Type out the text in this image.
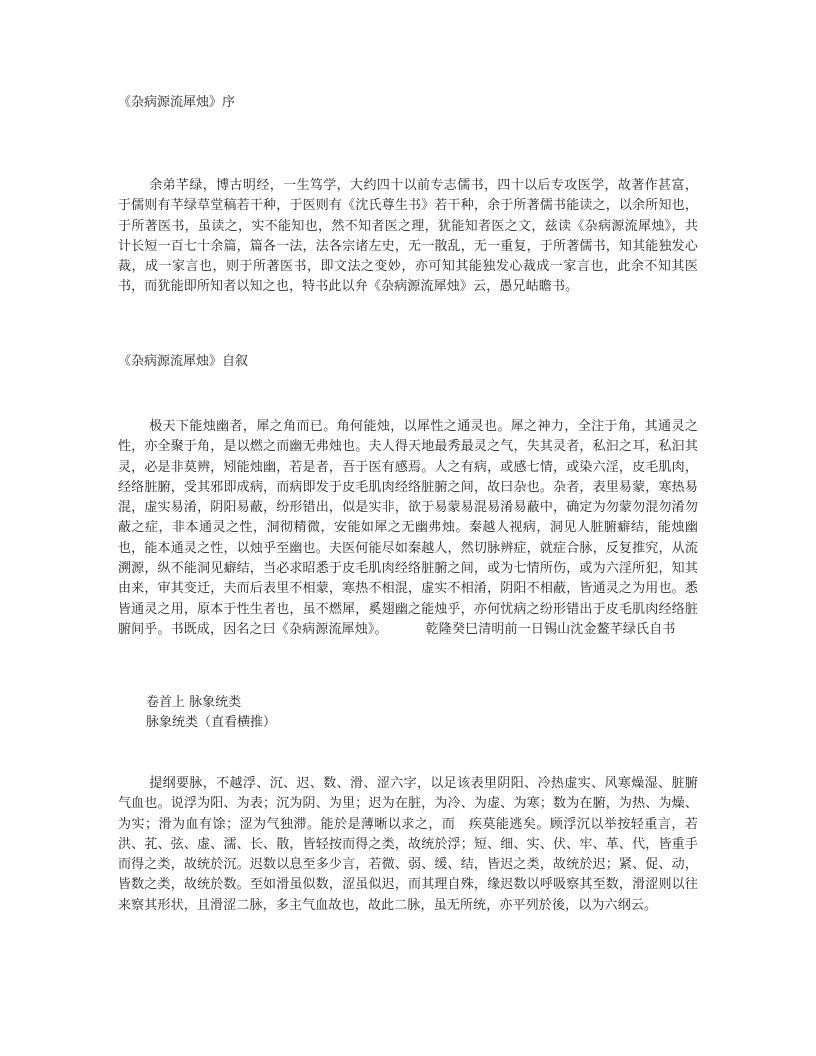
《杂病源流犀烛》序
余弟芊绿，博古明经，一生笃学，大约四十以前专志儒书，四十以后专攻医学，故著作甚富，于儒则有芊绿草堂稿若干种，于医则有《沈氏尊生书》若干种，余于所著儒书能读之，以余所知也，于所著医书，虽读之，实不能知也，然不知者医之理，犹能知者医之文，兹读《杂病源流犀烛》，共计长短一百七十余篇，篇各一法，法各宗诸左史，无一散乱，无一重复，于所著儒书，知其能独发心裁，成一家言也，则于所著医书，即文法之变妙，亦可知其能独发心裁成一家言也，此余不知其医书，而犹能即所知者以知之也，特书此以弁《杂病源流犀烛》云，愚兄岵瞻书。
《杂病源流犀烛》自叙
极天下能烛幽者，犀之角而已。角何能烛，以犀性之通灵也。犀之神力，全注于角，其通灵之性，亦全聚于角，是以燃之而幽无弗烛也。夫人得天地最秀最灵之气，失其灵者，私汩之耳，私汩其灵，必是非莫辨，矧能烛幽，若是者，吾于医有感焉。人之有病，或感七情，或染六淫，皮毛肌肉，经络脏腑，受其邪即成病，而病即发于皮毛肌肉经络脏腑之间，故曰杂也。杂者，表里易蒙，寒热易混，虚实易淆，阴阳易蔽，纷形错出，似是实非，欲于易蒙易混易淆易蔽中，确定为勿蒙勿混勿淆勿蔽之症，非本通灵之性，洞彻精微，安能如犀之无幽弗烛。秦越人视病，洞见人脏腑癖结，能烛幽也，能本通灵之性，以烛乎至幽也。夫医何能尽如秦越人，然切脉辨症，就症合脉，反复推究，从流溯源，纵不能洞见癖结，当必求昭悉于皮毛肌肉经络脏腑之间，或为七情所伤，或为六淫所犯，知其由来，审其变迁，夫而后表里不相蒙，寒热不相混，虚实不相淆，阴阳不相蔽，皆通灵之为用也。悉皆通灵之用，原本于性生者也，虽不燃犀，奚翅幽之能烛乎，亦何忧病之纷形错出于皮毛肌肉经络脏腑间乎。书既成，因名之曰《杂病源流犀烛》。	乾隆癸巳清明前一日锡山沈金鳌芊绿氏自书
卷首上 脉象统类
脉象统类（直看横推）
提纲要脉，不越浮、沉、迟、数、滑、涩六字，以足该表里阴阳、冷热虚实、风寒燥湿、脏腑气血也。说浮为阳、为表；沉为阴、为里；迟为在脏，为冷、为虚、为寒；数为在腑，为热、为燥、为实；滑为血有馀；涩为气独滞。能於是薄晰以求之，而　疾莫能逃矣。顾浮沉以举按轻重言，若洪、芤、弦、虚、濡、长、散，皆轻按而得之类，故统於浮；短、细、实、伏、牢、革、代，皆重手而得之类，故统於沉。迟数以息至多少言，若微、弱、缓、结，皆迟之类，故统於迟；紧、促、动，皆数之类，故统於数。至如滑虽似数，涩虽似迟，而其理自殊，缘迟数以呼吸察其至数，滑涩则以往来察其形状，且滑涩二脉，多主气血故也，故此二脉，虽无所统，亦平列於後，以为六纲云。
